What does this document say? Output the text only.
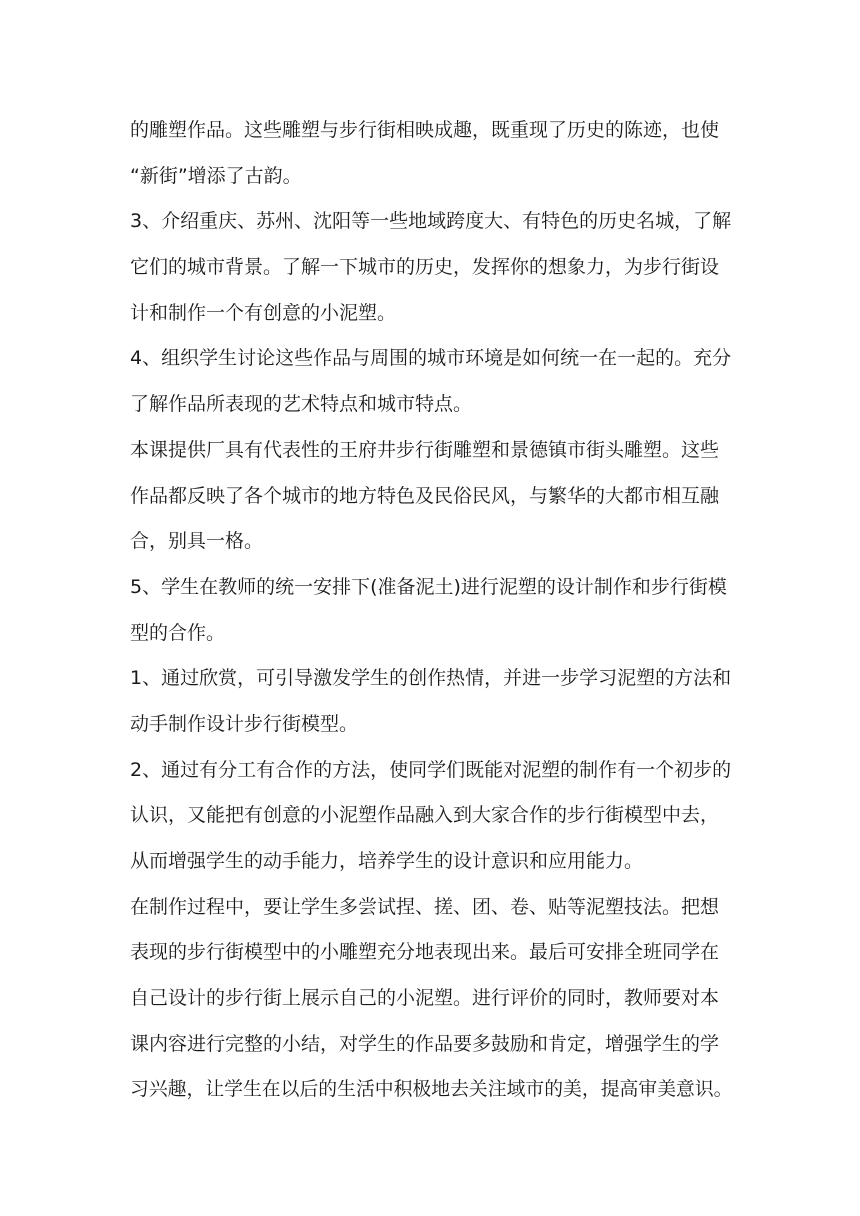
的雕塑作品。这些雕塑与步行街相映成趣，既重现了历史的陈迹，也使
“新街”增添了古韵。
3、介绍重庆、苏州、沈阳等一些地域跨度大、有特色的历史名城，了解
它们的城市背景。了解一下城市的历史，发挥你的想象力，为步行街设
计和制作一个有创意的小泥塑。
4、组织学生讨论这些作品与周围的城市环境是如何统一在一起的。充分
了解作品所表现的艺术特点和城市特点。
本课提供厂具有代表性的王府井步行街雕塑和景德镇市街头雕塑。这些
作品都反映了各个城市的地方特色及民俗民风，与繁华的大都市相互融
合，别具一格。
5、学生在教师的统一安排下(准备泥土)进行泥塑的设计制作和步行街模
型的合作。
1、通过欣赏，可引导激发学生的创作热情，并进一步学习泥塑的方法和
动手制作设计步行街模型。
2、通过有分工有合作的方法，使同学们既能对泥塑的制作有一个初步的
认识，又能把有创意的小泥塑作品融入到大家合作的步行街模型中去，
从而增强学生的动手能力，培养学生的设计意识和应用能力。
在制作过程中，要让学生多尝试捏、搓、团、卷、贴等泥塑技法。把想
表现的步行街模型中的小雕塑充分地表现出来。最后可安排全班同学在
自己设计的步行街上展示自己的小泥塑。进行评价的同时，教师要对本
课内容进行完整的小结，对学生的作品要多鼓励和肯定，增强学生的学
习兴趣，让学生在以后的生活中积极地去关注域市的美，提高审美意识。
